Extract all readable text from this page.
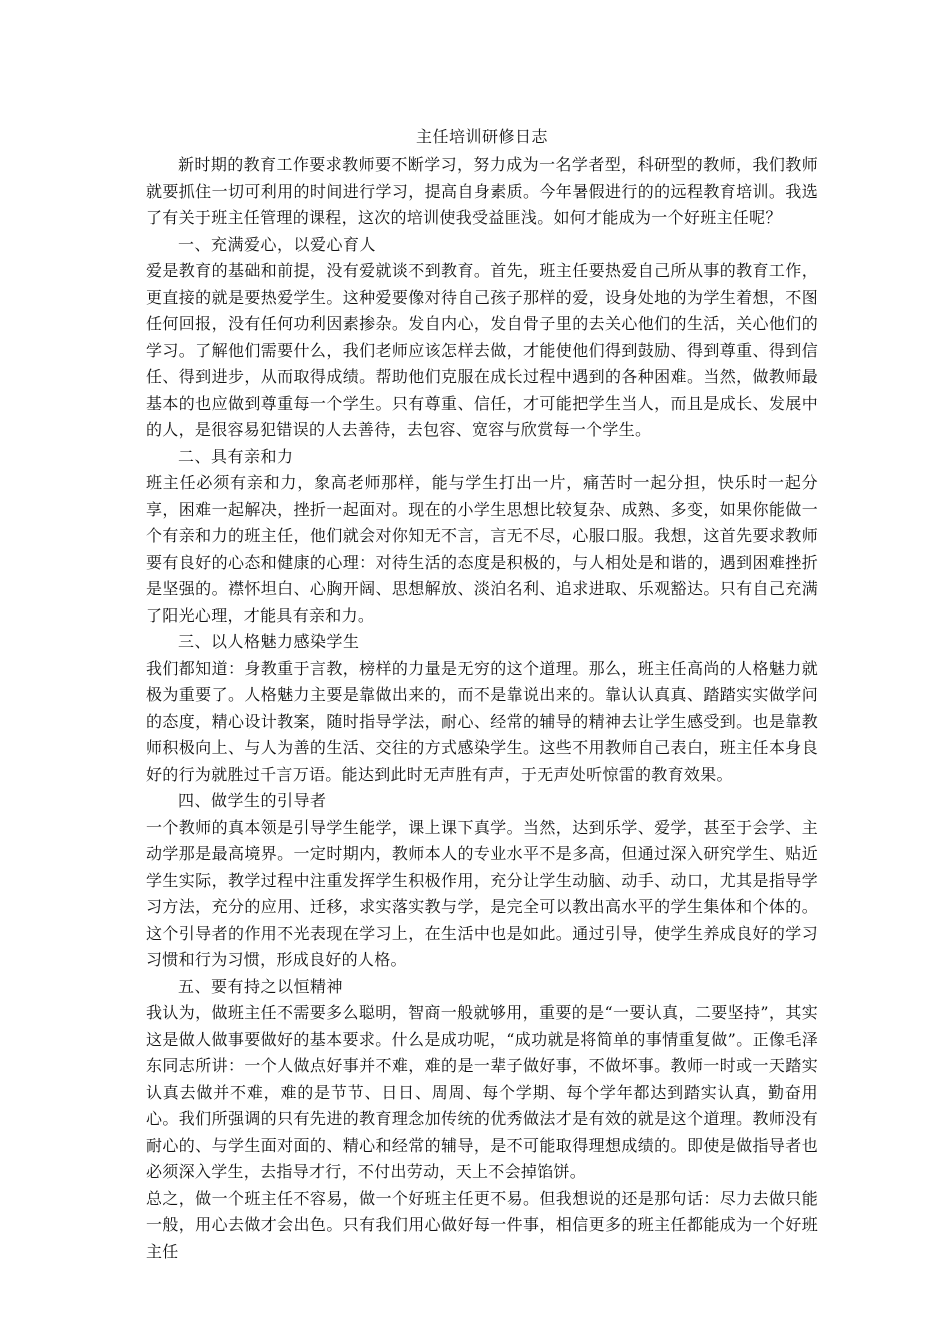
主任培训研修日志

新时期的教育工作要求教师要不断学习，努力成为一名学者型，科研型的教师，我们教师就要抓住一切可利用的时间进行学习，提高自身素质。今年暑假进行的的远程教育培训。我选了有关于班主任管理的课程，这次的培训使我受益匪浅。如何才能成为一个好班主任呢？

一、充满爱心，以爱心育人

爱是教育的基础和前提，没有爱就谈不到教育。首先，班主任要热爱自己所从事的教育工作，更直接的就是要热爱学生。这种爱要像对待自己孩子那样的爱，设身处地的为学生着想，不图任何回报，没有任何功利因素掺杂。发自内心，发自骨子里的去关心他们的生活，关心他们的学习。了解他们需要什么，我们老师应该怎样去做，才能使他们得到鼓励、得到尊重、得到信任、得到进步，从而取得成绩。帮助他们克服在成长过程中遇到的各种困难。当然，做教师最基本的也应做到尊重每一个学生。只有尊重、信任，才可能把学生当人，而且是成长、发展中的人，是很容易犯错误的人去善待，去包容、宽容与欣赏每一个学生。

二、具有亲和力

班主任必须有亲和力，象高老师那样，能与学生打出一片，痛苦时一起分担，快乐时一起分享，困难一起解决，挫折一起面对。现在的小学生思想比较复杂、成熟、多变，如果你能做一个有亲和力的班主任，他们就会对你知无不言，言无不尽，心服口服。我想，这首先要求教师要有良好的心态和健康的心理：对待生活的态度是积极的，与人相处是和谐的，遇到困难挫折是坚强的。襟怀坦白、心胸开阔、思想解放、淡泊名利、追求进取、乐观豁达。只有自己充满了阳光心理，才能具有亲和力。

三、以人格魅力感染学生

我们都知道：身教重于言教，榜样的力量是无穷的这个道理。那么，班主任高尚的人格魅力就极为重要了。人格魅力主要是靠做出来的，而不是靠说出来的。靠认认真真、踏踏实实做学问的态度，精心设计教案，随时指导学法，耐心、经常的辅导的精神去让学生感受到。也是靠教师积极向上、与人为善的生活、交往的方式感染学生。这些不用教师自己表白，班主任本身良好的行为就胜过千言万语。能达到此时无声胜有声，于无声处听惊雷的教育效果。

四、做学生的引导者

一个教师的真本领是引导学生能学，课上课下真学。当然，达到乐学、爱学，甚至于会学、主动学那是最高境界。一定时期内，教师本人的专业水平不是多高，但通过深入研究学生、贴近学生实际，教学过程中注重发挥学生积极作用，充分让学生动脑、动手、动口，尤其是指导学习方法，充分的应用、迁移，求实落实教与学，是完全可以教出高水平的学生集体和个体的。这个引导者的作用不光表现在学习上，在生活中也是如此。通过引导，使学生养成良好的学习习惯和行为习惯，形成良好的人格。

五、要有持之以恒精神

我认为，做班主任不需要多么聪明，智商一般就够用，重要的是“一要认真，二要坚持”，其实这是做人做事要做好的基本要求。什么是成功呢，“成功就是将简单的事情重复做”。正像毛泽东同志所讲：一个人做点好事并不难，难的是一辈子做好事，不做坏事。教师一时或一天踏实认真去做并不难，难的是节节、日日、周周、每个学期、每个学年都达到踏实认真，勤奋用心。我们所强调的只有先进的教育理念加传统的优秀做法才是有效的就是这个道理。教师没有耐心的、与学生面对面的、精心和经常的辅导，是不可能取得理想成绩的。即使是做指导者也必须深入学生，去指导才行，不付出劳动，天上不会掉馅饼。

总之，做一个班主任不容易，做一个好班主任更不易。但我想说的还是那句话：尽力去做只能一般，用心去做才会出色。只有我们用心做好每一件事，相信更多的班主任都能成为一个好班主任
